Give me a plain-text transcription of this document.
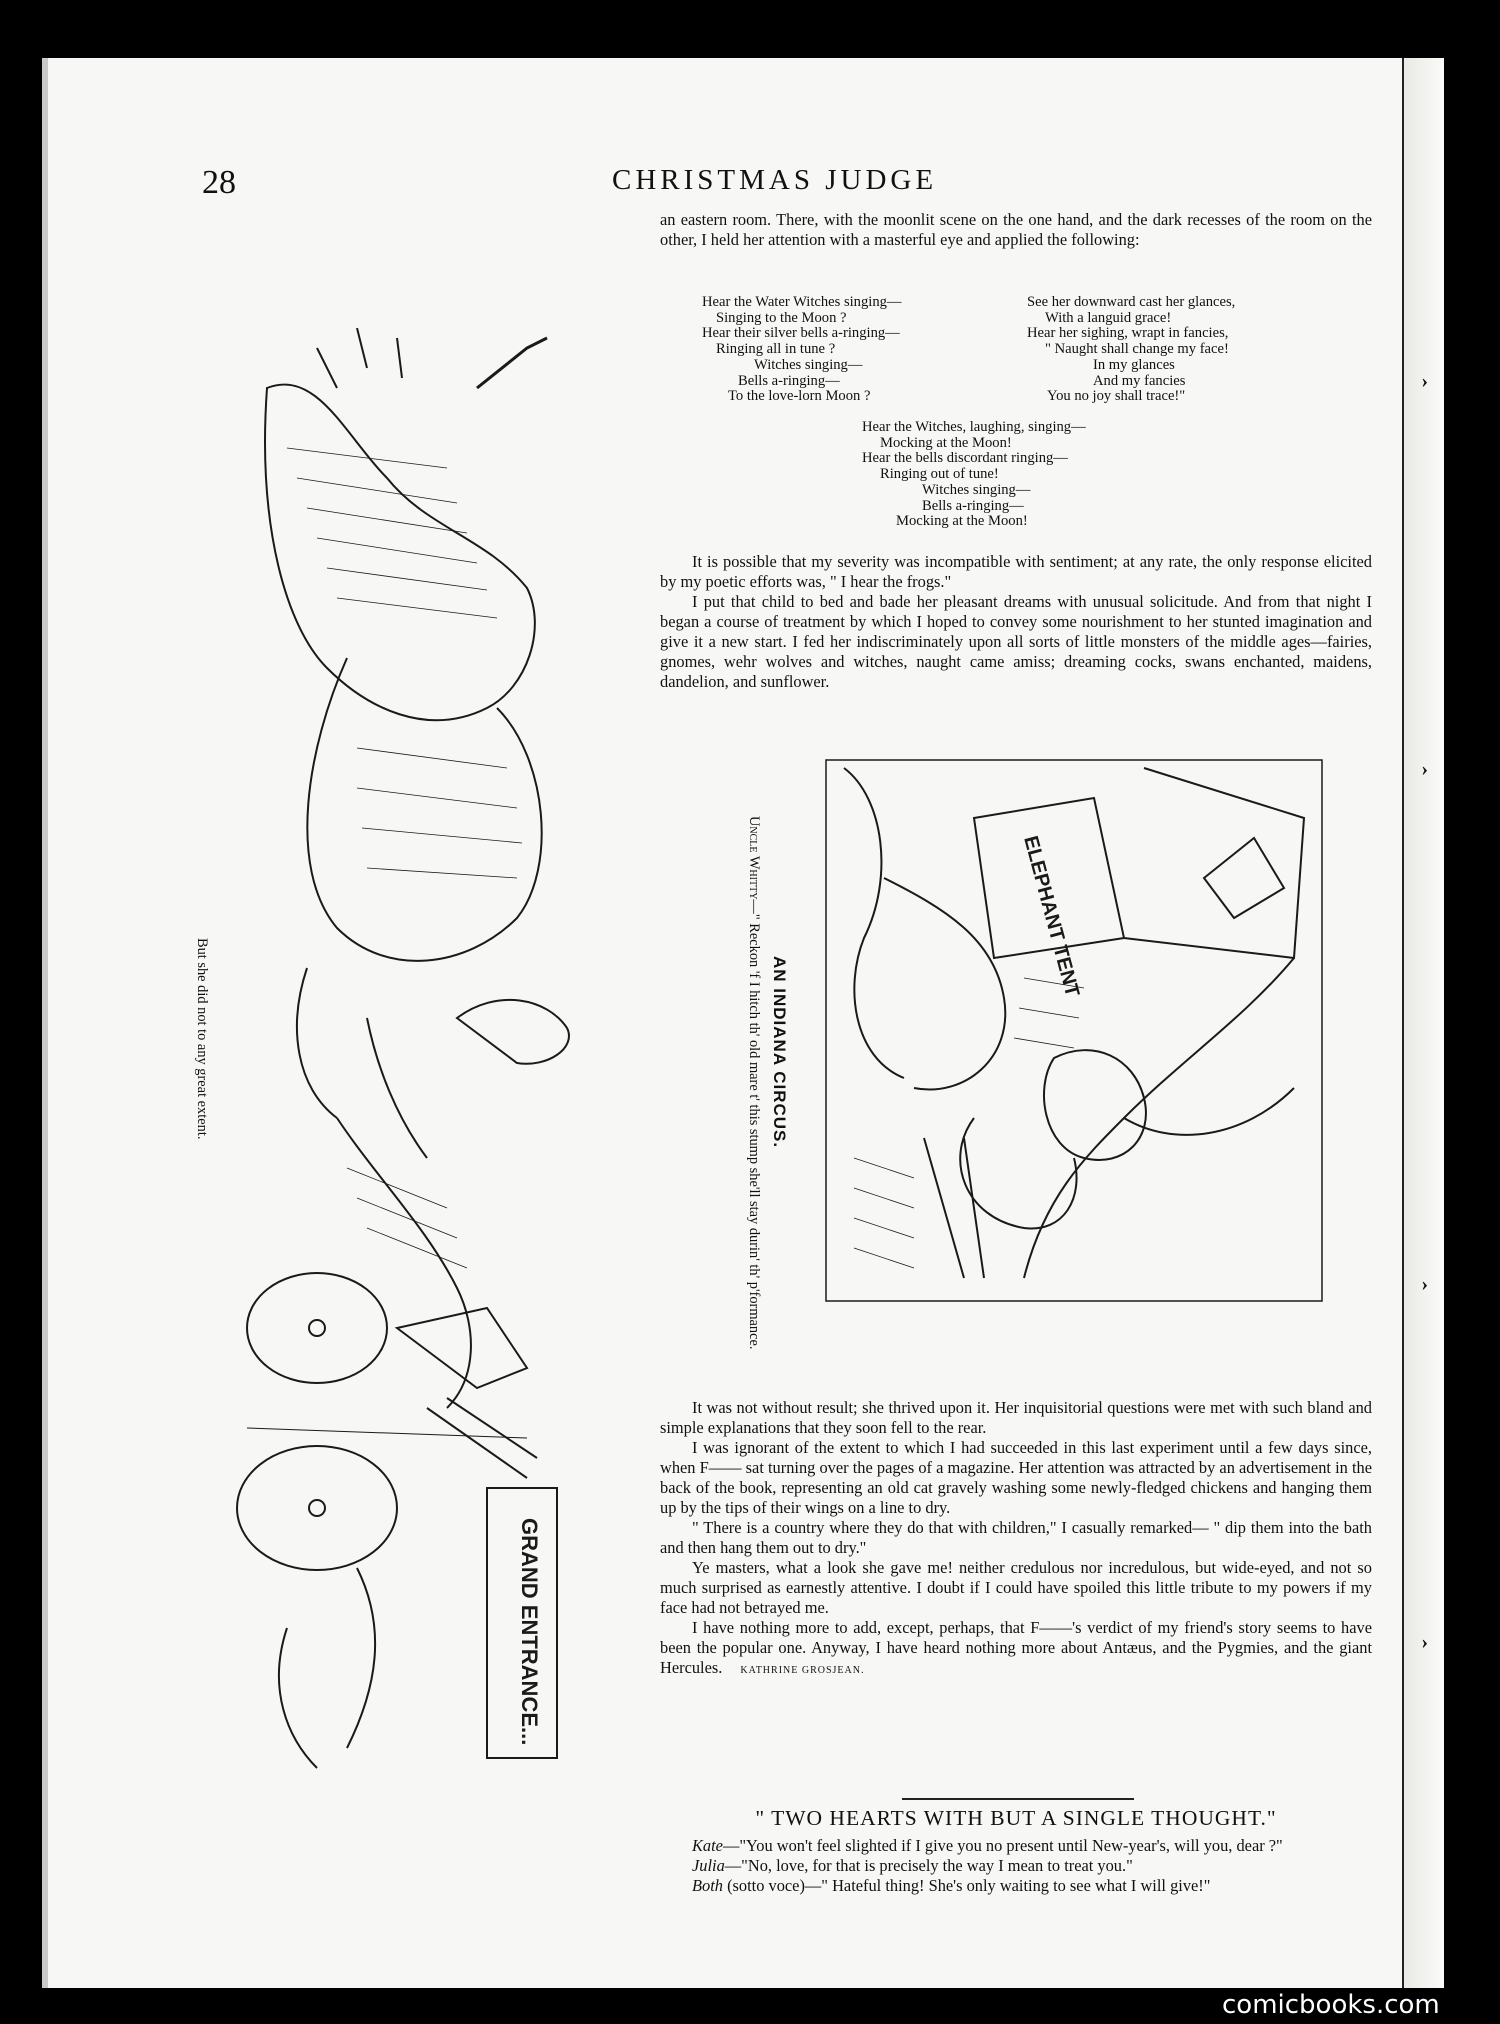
›
›
›
›
28	CHRISTMAS JUDGE

an eastern room. There, with the moonlit scene on the one hand, and the dark recesses of the room on the other, I held her attention with a masterful eye and applied the following:

Hear the Water Witches singing—
Singing to the Moon ?
Hear their silver bells a-ringing—
Ringing all in tune ?
Witches singing—
Bells a-ringing—
To the love-lorn Moon ?
See her downward cast her glances,
With a languid grace!
Hear her sighing, wrapt in fancies,
" Naught shall change my face!
In my glances
And my fancies
You no joy shall trace!"
Hear the Witches, laughing, singing—
Mocking at the Moon!
Hear the bells discordant ringing—
Ringing out of tune!
Witches singing—
Bells a-ringing—
Mocking at the Moon!

It is possible that my severity was incompatible with sentiment; at any rate, the only response elicited by my poetic efforts was, " I hear the frogs."

I put that child to bed and bade her pleasant dreams with unusual solicitude. And from that night I began a course of treatment by which I hoped to convey some nourishment to her stunted imagination and give it a new start. I fed her indiscriminately upon all sorts of little monsters of the middle ages—fairies, gnomes, wehr wolves and witches, naught came amiss; dreaming cocks, swans enchanted, maidens, dandelion, and sunflower.

GRAND ENTRANCE...
But she did not to any great extent.
ELEPHANT TENT
AN INDIANA CIRCUS.
Uncle Whitty—" Reckon 'f I hitch th' old mare t' this stump she'll stay durin' th' p'formance.

It was not without result; she thrived upon it. Her inquisitorial questions were met with such bland and simple explanations that they soon fell to the rear.

I was ignorant of the extent to which I had succeeded in this last experiment until a few days since, when F—— sat turning over the pages of a magazine. Her attention was attracted by an advertisement in the back of the book, representing an old cat gravely washing some newly-fledged chickens and hanging them up by the tips of their wings on a line to dry.

" There is a country where they do that with children," I casually remarked— " dip them into the bath and then hang them out to dry."

Ye masters, what a look she gave me! neither credulous nor incredulous, but wide-eyed, and not so much surprised as earnestly attentive. I doubt if I could have spoiled this little tribute to my powers if my face had not betrayed me.

I have nothing more to add, except, perhaps, that F——'s verdict of my friend's story seems to have been the popular one. Anyway, I have heard nothing more about Antæus, and the Pygmies, and the giant Hercules. KATHRINE GROSJEAN.

" TWO HEARTS WITH BUT A SINGLE THOUGHT."

Kate—"You won't feel slighted if I give you no present until New-year's, will you, dear ?"

Julia—"No, love, for that is precisely the way I mean to treat you."

Both (sotto voce)—" Hateful thing! She's only waiting to see what I will give!"

comicbooks.com
